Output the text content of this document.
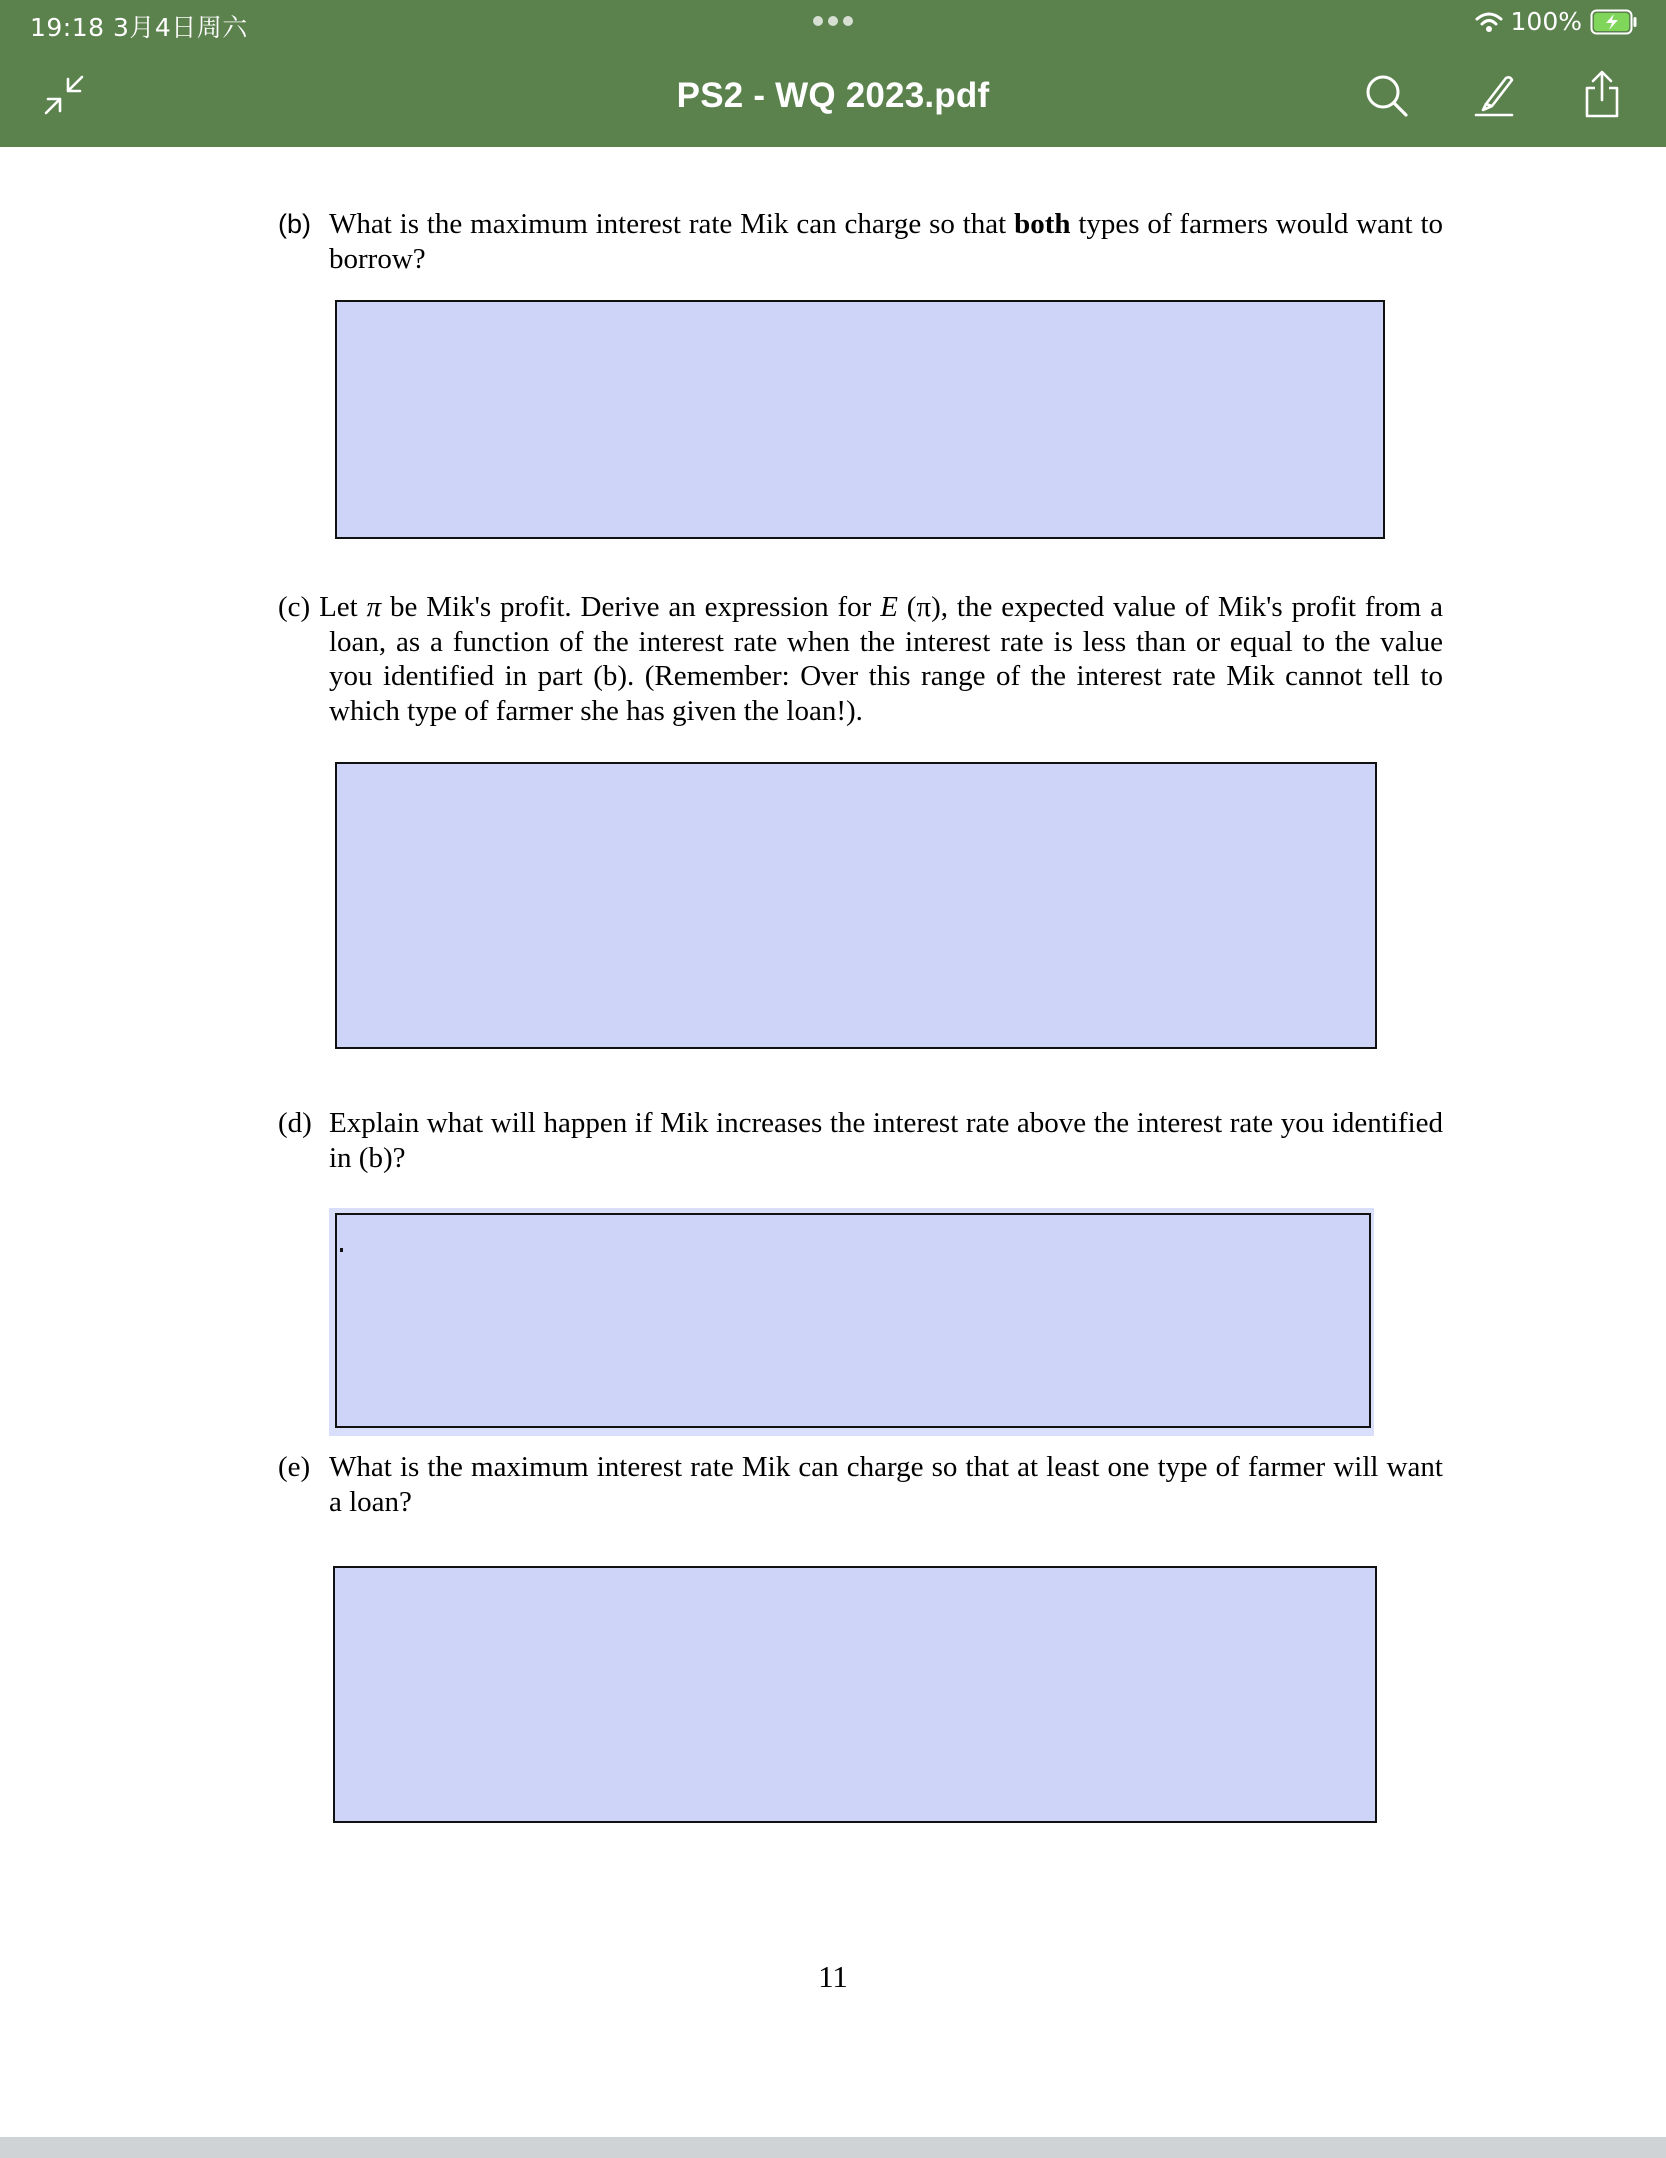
19:18 3月4日周六	100%
PS2 - WQ 2023.pdf
(b) What is the maximum interest rate Mik can charge so that both types of farmers would want to borrow?
(c) Let π be Mik's profit. Derive an expression for E (π), the expected value of Mik's profit from a loan, as a function of the interest rate when the interest rate is less than or equal to the value you identified in part (b). (Remember: Over this range of the interest rate Mik cannot tell to which type of farmer she has given the loan!).
(d) Explain what will happen if Mik increases the interest rate above the interest rate you identified in (b)?
(e) What is the maximum interest rate Mik can charge so that at least one type of farmer will want a loan?
11
